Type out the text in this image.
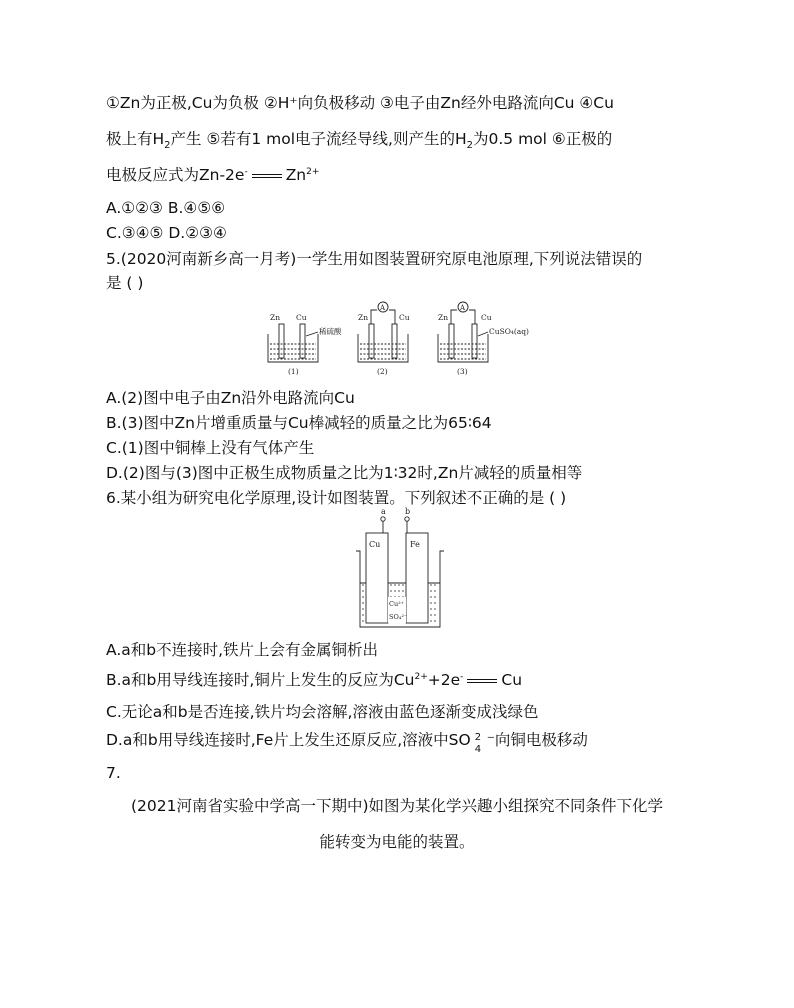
①Zn为正极,Cu为负极 ②H⁺向负极移动 ③电子由Zn经外电路流向Cu ④Cu
极上有$H_2$产生 ⑤若有1 mol电子流经导线,则产生的$H_2$为0.5 mol ⑥正极的
电极反应式为Zn-2e- $Zn^{2+}$
A.①②③ B.④⑤⑥
C.③④⑤ D.②③④
5.(2020河南新乡高一月考)一学生用如图装置研究原电池原理,下列说法错误的
是 ( )
Zn Cu
(1)
稀硫酸
A
Zn	Cu
(2)
A
Zn	Cu
(3)
CuSO₄(aq)
A.(2)图中电子由Zn沿外电路流向Cu
B.(3)图中Zn片增重质量与Cu棒减轻的质量之比为65∶64
C.(1)图中铜棒上没有气体产生
D.(2)图与(3)图中正极生成物质量之比为1∶32时,Zn片减轻的质量相等
6.某小组为研究电化学原理,设计如图装置。下列叙述不正确的是 ( )
a b
Cu	Fe
Cu²⁺
SO₄²⁻
A.a和b不连接时,铁片上会有金属铜析出
B.a和b用导线连接时,铜片上发生的反应为$Cu^{2+}+2e^-$ Cu
C.无论a和b是否连接,铁片均会溶解,溶液由蓝色逐渐变成浅绿色
D.a和b用导线连接时,Fe片上发生还原反应,溶液中SO 2
4 ⁻向铜电极移动
7.
(2021河南省实验中学高一下期中)如图为某化学兴趣小组探究不同条件下化学
能转变为电能的装置。
